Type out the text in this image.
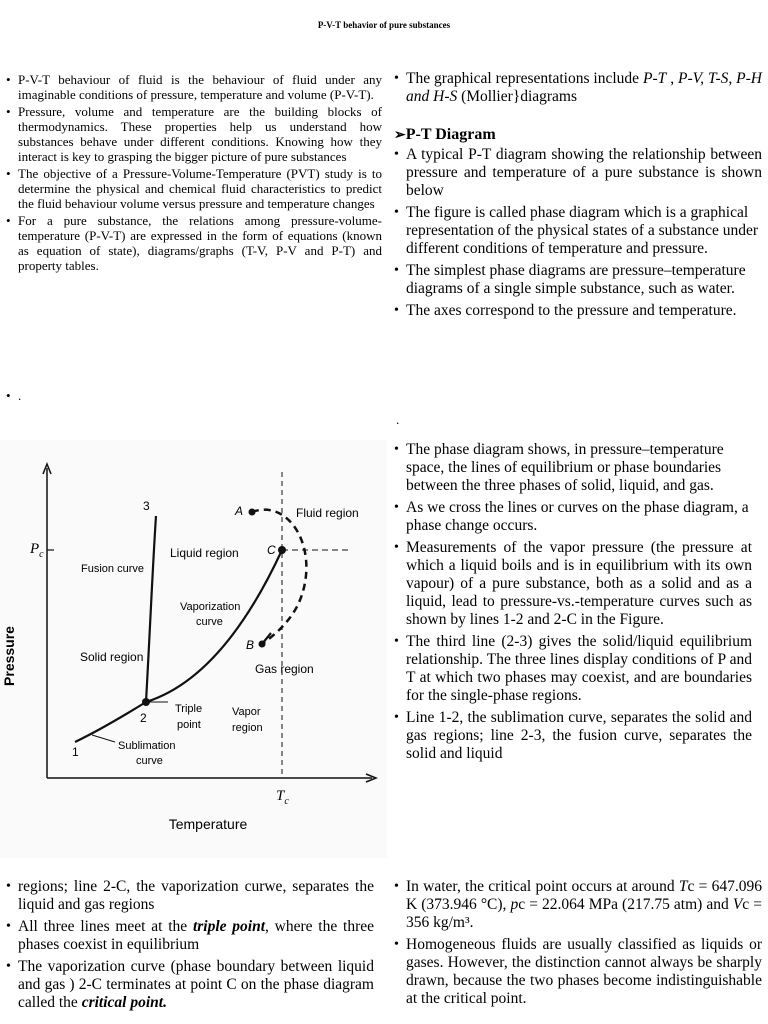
P-V-T behavior of pure substances
• P-V-T behaviour of fluid is the behaviour of fluid under any imaginable conditions of pressure, temperature and volume (P-V-T).
• Pressure, volume and temperature are the building blocks of thermodynamics. These properties help us understand how substances behave under different conditions. Knowing how they interact is key to grasping the bigger picture of pure substances
• The objective of a Pressure-Volume-Temperature (PVT) study is to determine the physical and chemical fluid characteristics to predict the fluid behaviour volume versus pressure and temperature changes
• For a pure substance, the relations among pressure-volume-temperature (P-V-T) are expressed in the form of equations (known as equation of state), diagrams/graphs (T-V, P-V and P-T) and property tables.
• .
• The graphical representations include P-T , P-V, T-S, P-H and H-S (Mollier}diagrams
➢P-T Diagram
• A typical P-T diagram showing the relationship between pressure and temperature of a pure substance is shown below
• The figure is called phase diagram which is a graphical representation of the physical states of a substance under different conditions of temperature and pressure.
• The simplest phase diagrams are pressure–temperature diagrams of a single simple substance, such as water.
• The axes correspond to the pressure and temperature.
.
Pressure
Temperature
$P_c$
$T_c$
3	A
C
B
2
1
Fluid region
Liquid region
Fusion curve
Vaporization
curve
Solid region
Gas region
Triple
point
Vapor
region
Sublimation
curve
• The phase diagram shows, in pressure–temperature space, the lines of equilibrium or phase boundaries between the three phases of solid, liquid, and gas.
• As we cross the lines or curves on the phase diagram, a phase change occurs.
• Measurements of the vapor pressure (the pressure at which a liquid boils and is in equilibrium with its own vapour) of a pure substance, both as a solid and as a liquid, lead to pressure-vs.-temperature curves such as shown by lines 1-2 and 2-C in the Figure.
• The third line (2-3) gives the solid/liquid equilibrium relationship. The three lines display conditions of P and T at which two phases may coexist, and are boundaries for the single-phase regions.
• Line 1-2, the sublimation curve, separates the solid and gas regions; line 2-3, the fusion curve, separates the solid and liquid
• regions; line 2-C, the vaporization curwe, separates the liquid and gas regions
• All three lines meet at the triple point, where the three phases coexist in equilibrium
• The vaporization curve (phase boundary between liquid and gas ) 2-C terminates at point C on the phase diagram called the critical point.
• In water, the critical point occurs at around Tc = 647.096 K (373.946 °C), pc = 22.064 MPa (217.75 atm) and Vc = 356 kg/m³.
• Homogeneous fluids are usually classified as liquids or gases. However, the distinction cannot always be sharply drawn, because the two phases become indistinguishable at the critical point.
